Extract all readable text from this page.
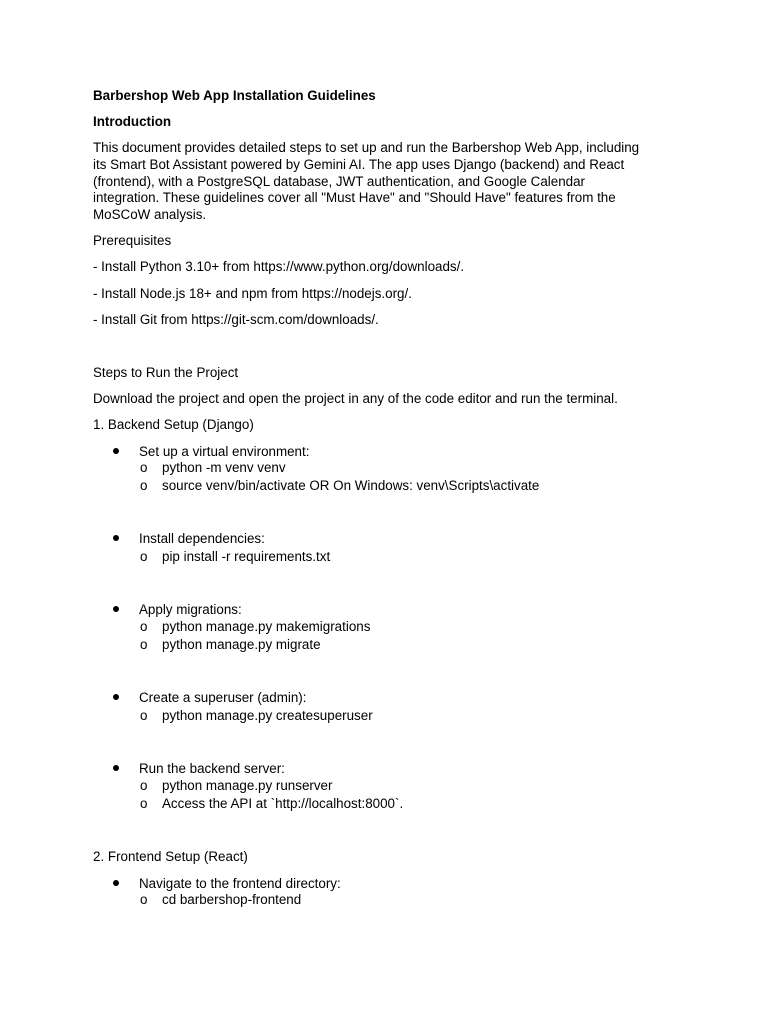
Barbershop Web App Installation Guidelines
Introduction
This document provides detailed steps to set up and run the Barbershop Web App, including
its Smart Bot Assistant powered by Gemini AI. The app uses Django (backend) and React
(frontend), with a PostgreSQL database, JWT authentication, and Google Calendar
integration. These guidelines cover all "Must Have" and "Should Have" features from the
MoSCoW analysis.
Prerequisites
- Install Python 3.10+ from https://www.python.org/downloads/.
- Install Node.js 18+ and npm from https://nodejs.org/.
- Install Git from https://git-scm.com/downloads/.
Steps to Run the Project
Download the project and open the project in any of the code editor and run the terminal.
1. Backend Setup (Django)
Set up a virtual environment:
o python -m venv venv
o source venv/bin/activate OR On Windows: venv\Scripts\activate
Install dependencies:
o pip install -r requirements.txt
Apply migrations:
o python manage.py makemigrations
o python manage.py migrate
Create a superuser (admin):
o python manage.py createsuperuser
Run the backend server:
o python manage.py runserver
o Access the API at `http://localhost:8000`.
2. Frontend Setup (React)
Navigate to the frontend directory:
o cd barbershop-frontend
